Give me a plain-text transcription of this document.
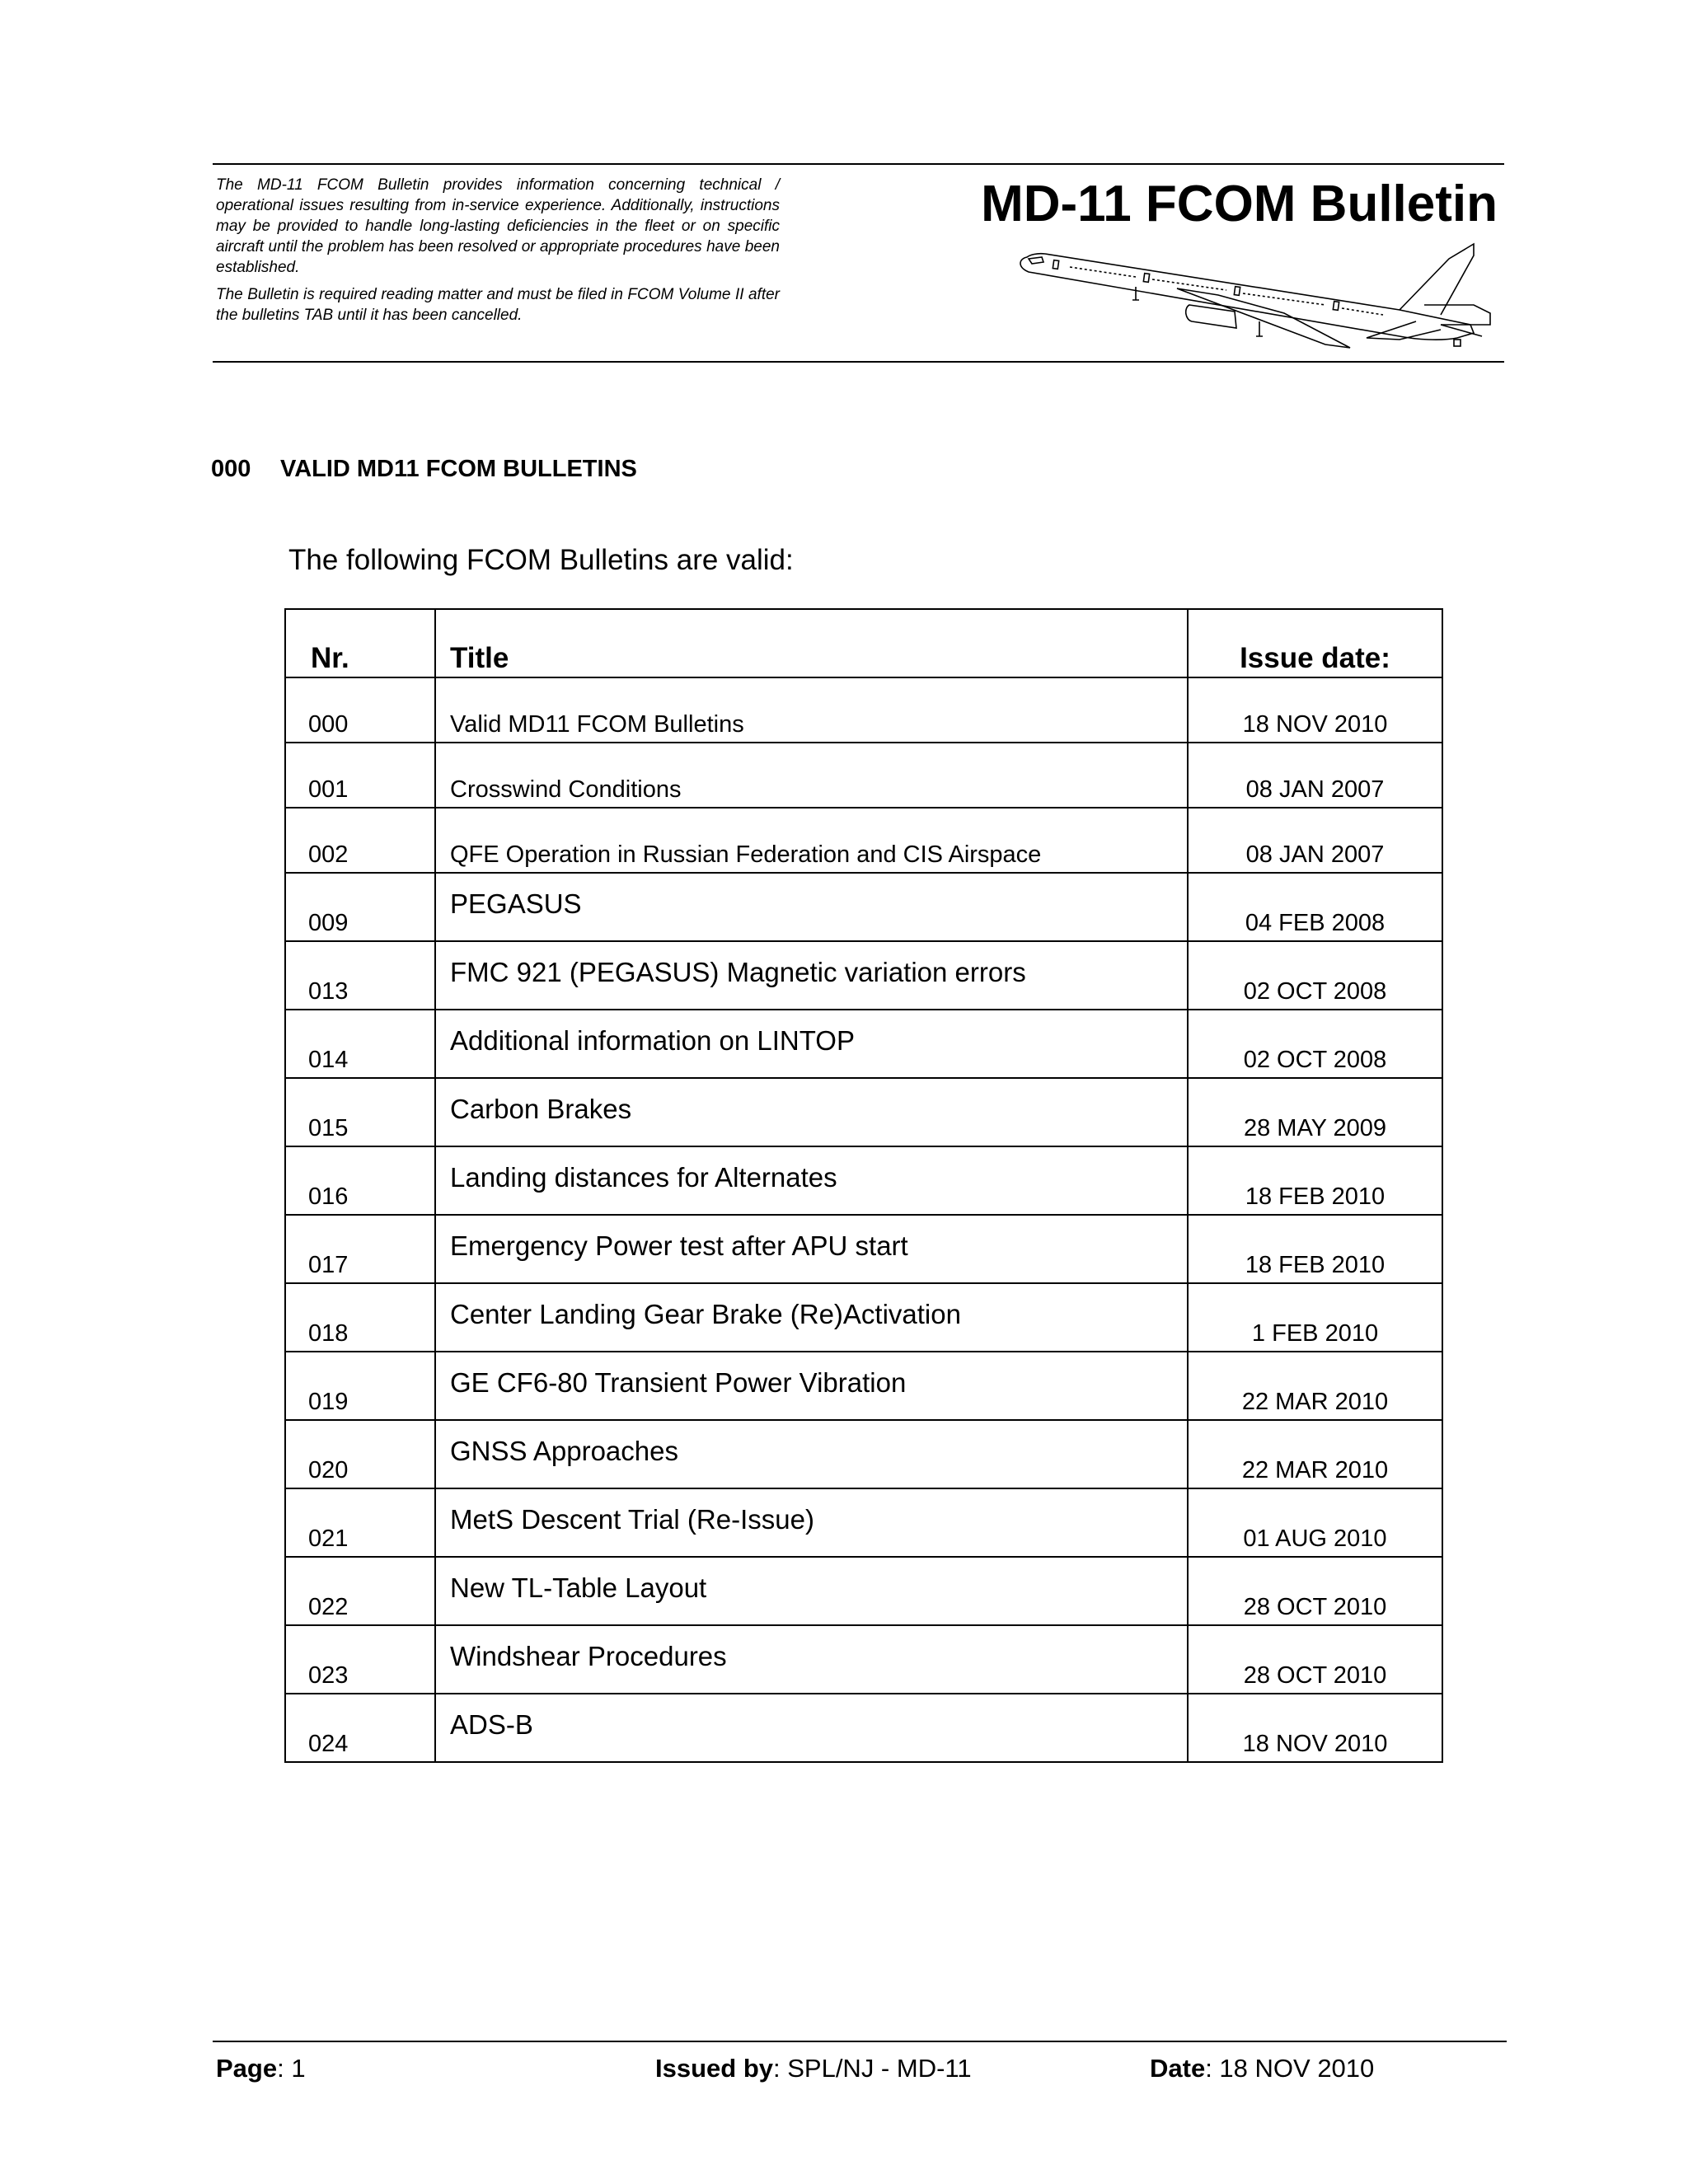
The MD-11 FCOM Bulletin provides information concerning technical / operational issues resulting from in-service experience. Additionally, instructions may be provided to handle long-lasting deficiencies in the fleet or on specific aircraft until the problem has been resolved or appropriate procedures have been established.

The Bulletin is required reading matter and must be filed in FCOM Volume II after the bulletins TAB until it has been cancelled.

MD-11 FCOM Bulletin
000 VALID MD11 FCOM BULLETINS
The following FCOM Bulletins are valid:
Nr.	Title	Issue date:
000	Valid MD11 FCOM Bulletins	18 NOV 2010
001	Crosswind Conditions	08 JAN 2007
002	QFE Operation in Russian Federation and CIS Airspace	08 JAN 2007
009	PEGASUS	04 FEB 2008
013	FMC 921 (PEGASUS) Magnetic variation errors	02 OCT 2008
014	Additional information on LINTOP	02 OCT 2008
015	Carbon Brakes	28 MAY 2009
016	Landing distances for Alternates	18 FEB 2010
017	Emergency Power test after APU start	18 FEB 2010
018	Center Landing Gear Brake (Re)Activation	1 FEB 2010
019	GE CF6-80 Transient Power Vibration	22 MAR 2010
020	GNSS Approaches	22 MAR 2010
021	MetS Descent Trial (Re-Issue)	01 AUG 2010
022	New TL-Table Layout	28 OCT 2010
023	Windshear Procedures	28 OCT 2010
024	ADS-B	18 NOV 2010
Page: 1	Issued by: SPL/NJ - MD-11	Date: 18 NOV 2010
